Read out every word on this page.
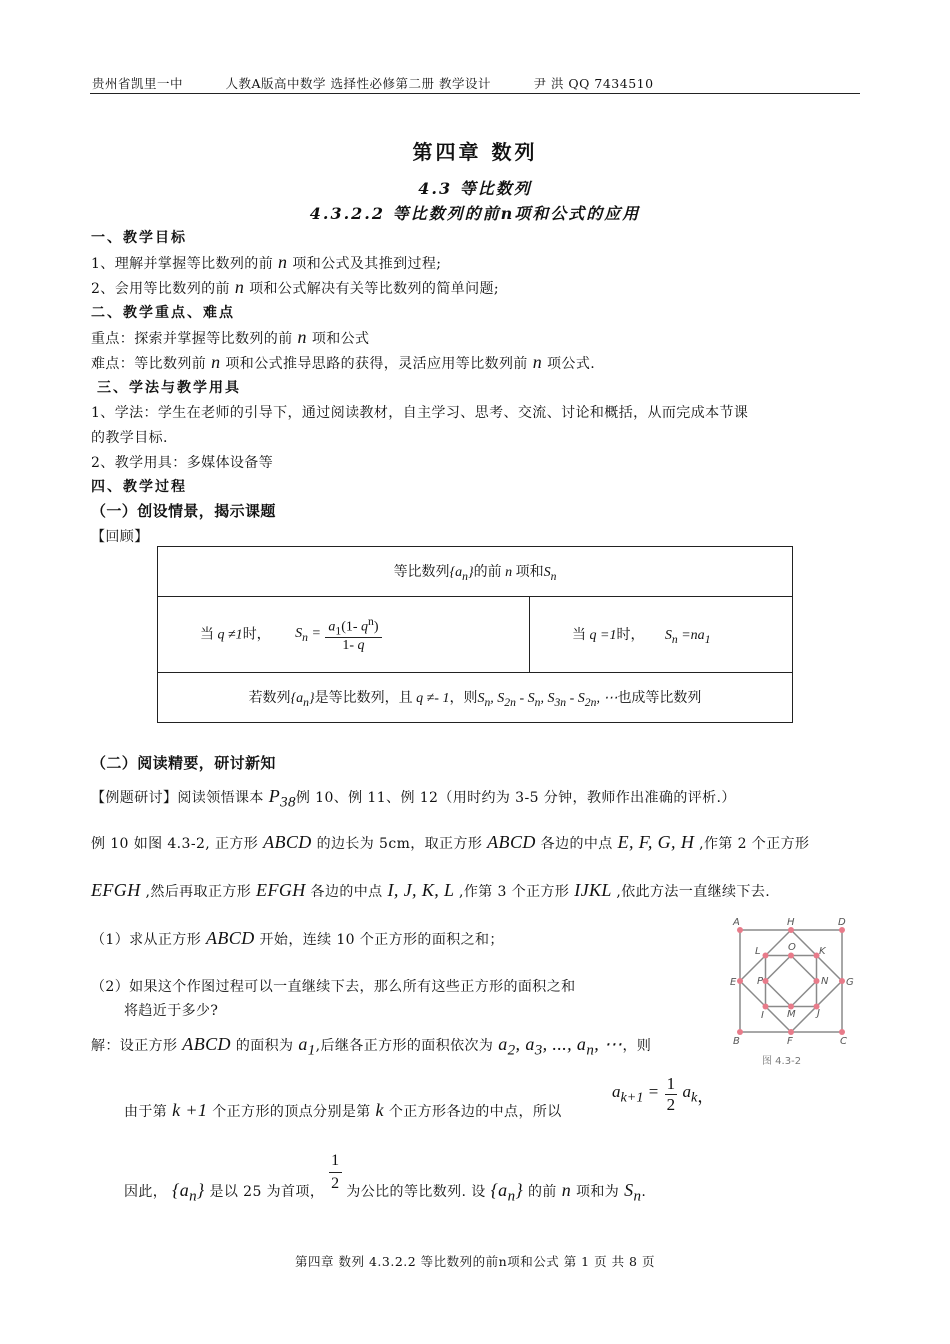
贵州省凯里一中	人教A版高中数学 选择性必修第二册 教学设计	尹 洪 QQ 7434510
第四章 数列
4.3 等比数列
4.3.2.2 等比数列的前n项和公式的应用
一、教学目标
1、理解并掌握等比数列的前 n 项和公式及其推到过程;
2、会用等比数列的前 n 项和公式解决有关等比数列的简单问题;
二、教学重点、难点
重点：探索并掌握等比数列的前 n 项和公式
难点：等比数列前 n 项和公式推导思路的获得，灵活应用等比数列前 n 项公式.
三、学法与教学用具
1、学法：学生在老师的引导下，通过阅读教材，自主学习、思考、交流、讨论和概括，从而完成本节课
的教学目标.
2、教学用具：多媒体设备等
四、教学过程
（一）创设情景，揭示课题
【回顾】
等比数列$\{a_n\}$的前 n 项和$S_n$
当 q ≠1时， $S_n = \frac{a_1(1- q^n)}{1- q}$	当 q =1时， $S_n =na_1$
若数列$\{a_n\}$是等比数列，且 q ≠- 1，则$S_n$, $S_{2n} - S_n$, $S_{3n} - S_{2n}$, ⋯也成等比数列
（二）阅读精要，研讨新知
【例题研讨】阅读领悟课本 $P_{38}$例 10、例 11、例 12（用时约为 3-5 分钟，教师作出准确的评析.）
例 10 如图 4.3-2, 正方形 ABCD 的边长为 5cm，取正方形 ABCD 各边的中点 E, F, G, H ,作第 2 个正方形
EFGH ,然后再取正方形 EFGH 各边的中点 I, J, K, L ,作第 3 个正方形 IJKL ,依此方法一直继续下去.
（1）求从正方形 ABCD 开始，连续 10 个正方形的面积之和；
（2）如果这个作图过程可以一直继续下去，那么所有这些正方形的面积之和
将趋近于多少?
解：设正方形 ABCD 的面积为 $a_1$,后继各正方形的面积依次为 $a_2$, $a_3$, ..., $a_n$, ⋯，则
由于第 k +1 个正方形的顶点分别是第 k 个正方形各边的中点，所以
$a_{k+1} = \frac{1}{2} a_k$，
因此， $\{a_n\}$ 是以 25 为首项， $\frac{1}{2}$ 为公比的等比数列. 设 $\{a_n\}$ 的前 n 项和为 $S_n$.
A	H	D
L	O K
E P	N G
I M J
B	F	C
图 4.3-2
第四章 数列 4.3.2.2 等比数列的前n项和公式 第 1 页 共 8 页
